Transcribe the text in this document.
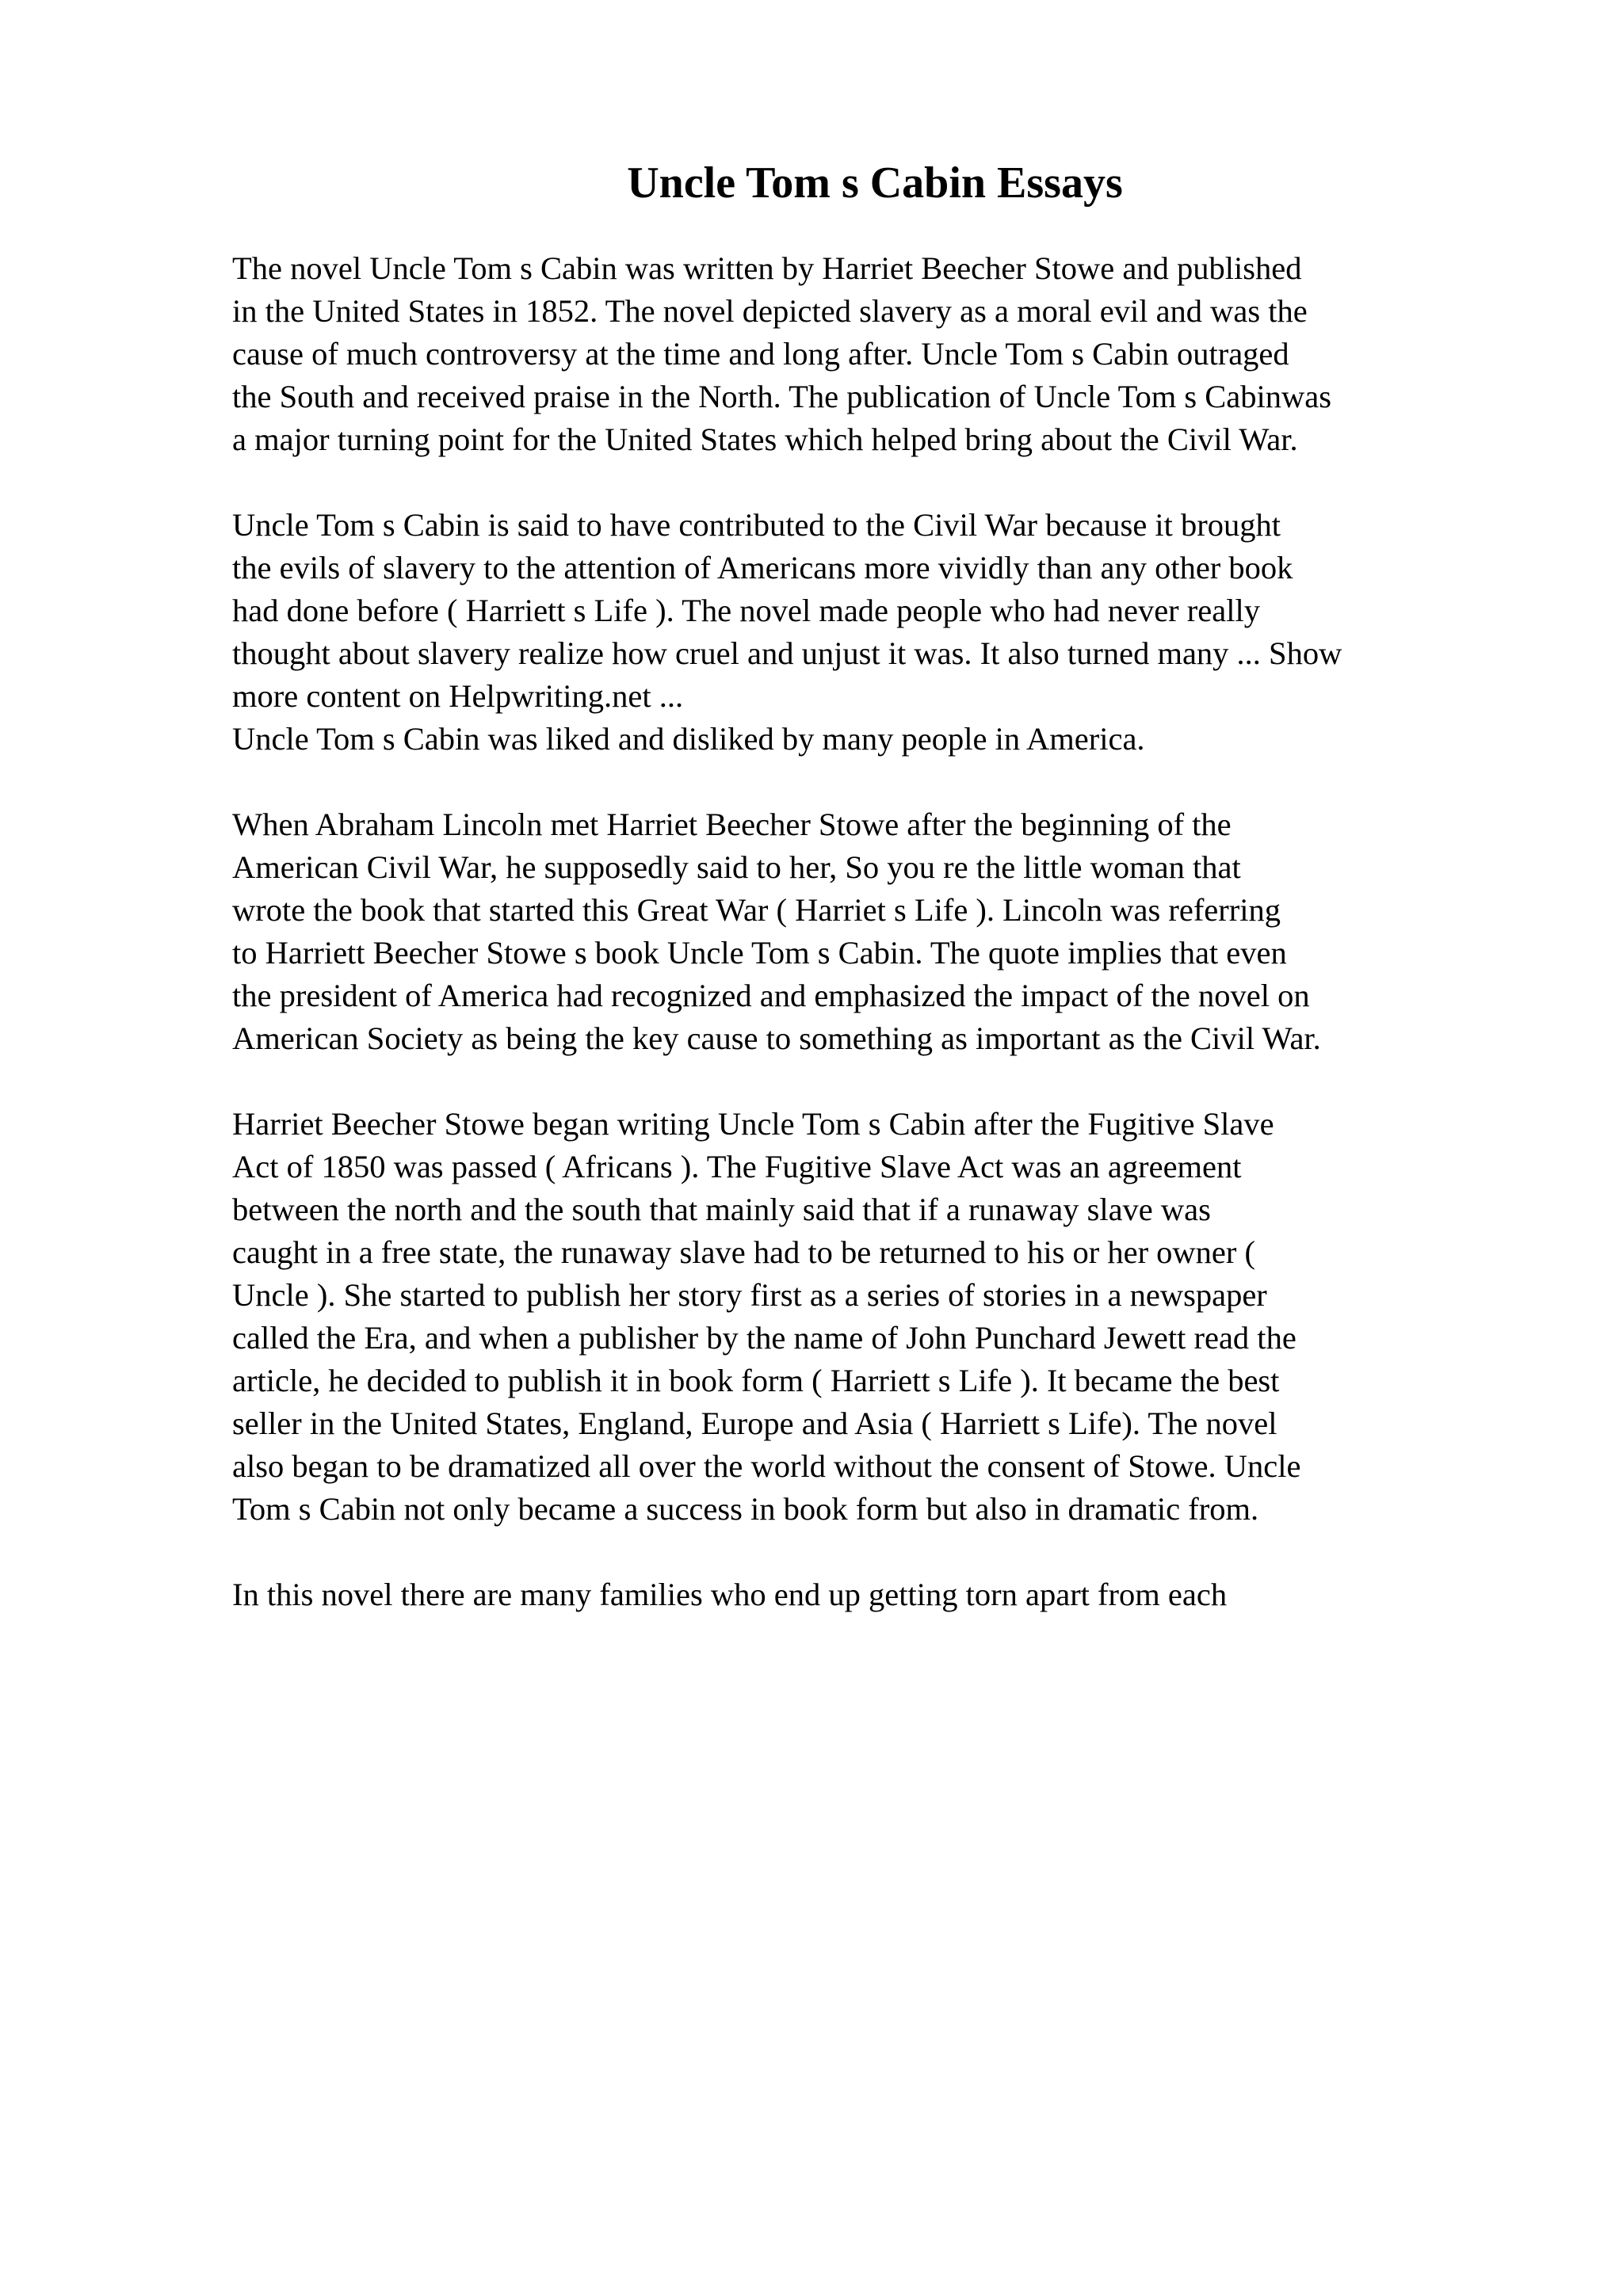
Uncle Tom s Cabin Essays
The novel Uncle Tom s Cabin was written by Harriet Beecher Stowe and published
in the United States in 1852. The novel depicted slavery as a moral evil and was the
cause of much controversy at the time and long after. Uncle Tom s Cabin outraged
the South and received praise in the North. The publication of Uncle Tom s Cabinwas
a major turning point for the United States which helped bring about the Civil War.
Uncle Tom s Cabin is said to have contributed to the Civil War because it brought
the evils of slavery to the attention of Americans more vividly than any other book
had done before ( Harriett s Life ). The novel made people who had never really
thought about slavery realize how cruel and unjust it was. It also turned many ... Show
more content on Helpwriting.net ...
Uncle Tom s Cabin was liked and disliked by many people in America.
When Abraham Lincoln met Harriet Beecher Stowe after the beginning of the
American Civil War, he supposedly said to her, So you re the little woman that
wrote the book that started this Great War ( Harriet s Life ). Lincoln was referring
to Harriett Beecher Stowe s book Uncle Tom s Cabin. The quote implies that even
the president of America had recognized and emphasized the impact of the novel on
American Society as being the key cause to something as important as the Civil War.
Harriet Beecher Stowe began writing Uncle Tom s Cabin after the Fugitive Slave
Act of 1850 was passed ( Africans ). The Fugitive Slave Act was an agreement
between the north and the south that mainly said that if a runaway slave was
caught in a free state, the runaway slave had to be returned to his or her owner (
Uncle ). She started to publish her story first as a series of stories in a newspaper
called the Era, and when a publisher by the name of John Punchard Jewett read the
article, he decided to publish it in book form ( Harriett s Life ). It became the best
seller in the United States, England, Europe and Asia ( Harriett s Life). The novel
also began to be dramatized all over the world without the consent of Stowe. Uncle
Tom s Cabin not only became a success in book form but also in dramatic from.
In this novel there are many families who end up getting torn apart from each
